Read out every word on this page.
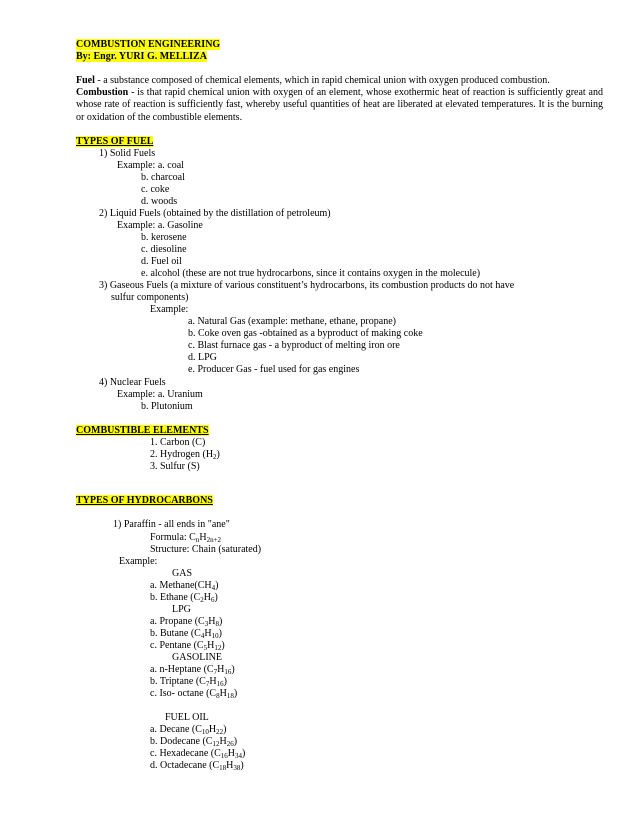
COMBUSTION ENGINEERING
By: Engr. YURI G. MELLIZA
Fuel - a substance composed of chemical elements, which in rapid chemical union with oxygen produced combustion.
Combustion - is that rapid chemical union with oxygen of an element, whose exothermic heat of reaction is sufficiently great and whose rate of reaction is sufficiently fast, whereby useful quantities of heat are liberated at elevated temperatures. It is the burning or oxidation of the combustible elements.
TYPES OF FUEL
1) Solid Fuels
Example: a. coal
b. charcoal
c. coke
d. woods
2) Liquid Fuels (obtained by the distillation of petroleum)
Example: a. Gasoline
b. kerosene
c. diesoline
d. Fuel oil
e. alcohol (these are not true hydrocarbons, since it contains oxygen in the molecule)
3) Gaseous Fuels (a mixture of various constituent’s hydrocarbons, its combustion products do not have
sulfur components)
Example:
a. Natural Gas (example: methane, ethane, propane)
b. Coke oven gas -obtained as a byproduct of making coke
c. Blast furnace gas - a byproduct of melting iron ore
d. LPG
e. Producer Gas - fuel used for gas engines
4) Nuclear Fuels
Example: a. Uranium
b. Plutonium
COMBUSTIBLE ELEMENTS
1. Carbon (C)
2. Hydrogen $(H_2)$
3. Sulfur (S)
TYPES OF HYDROCARBONS
1) Paraffin - all ends in "ane"
Formula: $C_nH_{2n+2}$
Structure: Chain (saturated)
Example:
GAS
a. $Methane(CH_4)$
b. Ethane $(C_2H_6)$
LPG
a. Propane $(C_3H_8)$
b. Butane $(C_4H_{10})$
c. Pentane $(C_5H_{12})$
GASOLINE
a. n-Heptane $(C_7H_{16})$
b. Triptane $(C_7H_{16})$
c. Iso- octane $(C_8H_{18})$
FUEL OIL
a. Decane $(C_{10}H_{22})$
b. Dodecane $(C_{12}H_{26})$
c. Hexadecane $(C_{16}H_{34})$
d. Octadecane $(C_{18}H_{38})$
